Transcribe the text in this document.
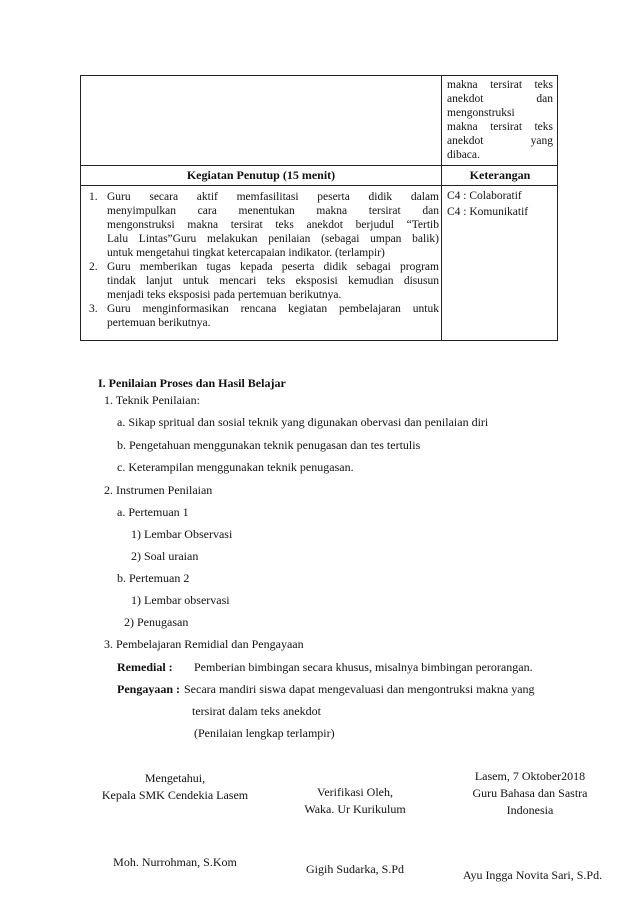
makna tersirat teks
anekdot dan
mengonstruksi
makna tersirat teks
anekdot yang
dibaca.
Kegiatan Penutup (15 menit)	Keterangan
1. Guru secara aktif memfasilitasi peserta didik dalam
menyimpulkan cara menentukan makna tersirat dan
mengonstruksi makna tersirat teks anekdot berjudul “Tertib
Lalu Lintas”Guru melakukan penilaian (sebagai umpan balik)
untuk mengetahui tingkat ketercapaian indikator. (terlampir)
2. Guru memberikan tugas kepada peserta didik sebagai program
tindak lanjut untuk mencari teks eksposisi kemudian disusun
menjadi teks eksposisi pada pertemuan berikutnya.
3. Guru menginformasikan rencana kegiatan pembelajaran untuk
pertemuan berikutnya.
C4 : Colaboratif
C4 : Komunikatif
I. Penilaian Proses dan Hasil Belajar
1. Teknik Penilaian:
a. Sikap spritual dan sosial teknik yang digunakan obervasi dan penilaian diri
b. Pengetahuan menggunakan teknik penugasan dan tes tertulis
c. Keterampilan menggunakan teknik penugasan.
2. Instrumen Penilaian
a. Pertemuan 1
1) Lembar Observasi
2) Soal uraian
b. Pertemuan 2
1) Lembar observasi
2) Penugasan
3. Pembelajaran Remidial dan Pengayaan
Remedial : Pemberian bimbingan secara khusus, misalnya bimbingan perorangan.
Pengayaan : Secara mandiri siswa dapat mengevaluasi dan mengontruksi makna yang
tersirat dalam teks anekdot
(Penilaian lengkap terlampir)
Mengetahui,
Kepala SMK Cendekia Lasem
Moh. Nurrohman, S.Kom
Verifikasi Oleh,
Waka. Ur Kurikulum
Gigih Sudarka, S.Pd
Lasem, 7 Oktober2018
Guru Bahasa dan Sastra
Indonesia
Ayu Ingga Novita Sari, S.Pd.
